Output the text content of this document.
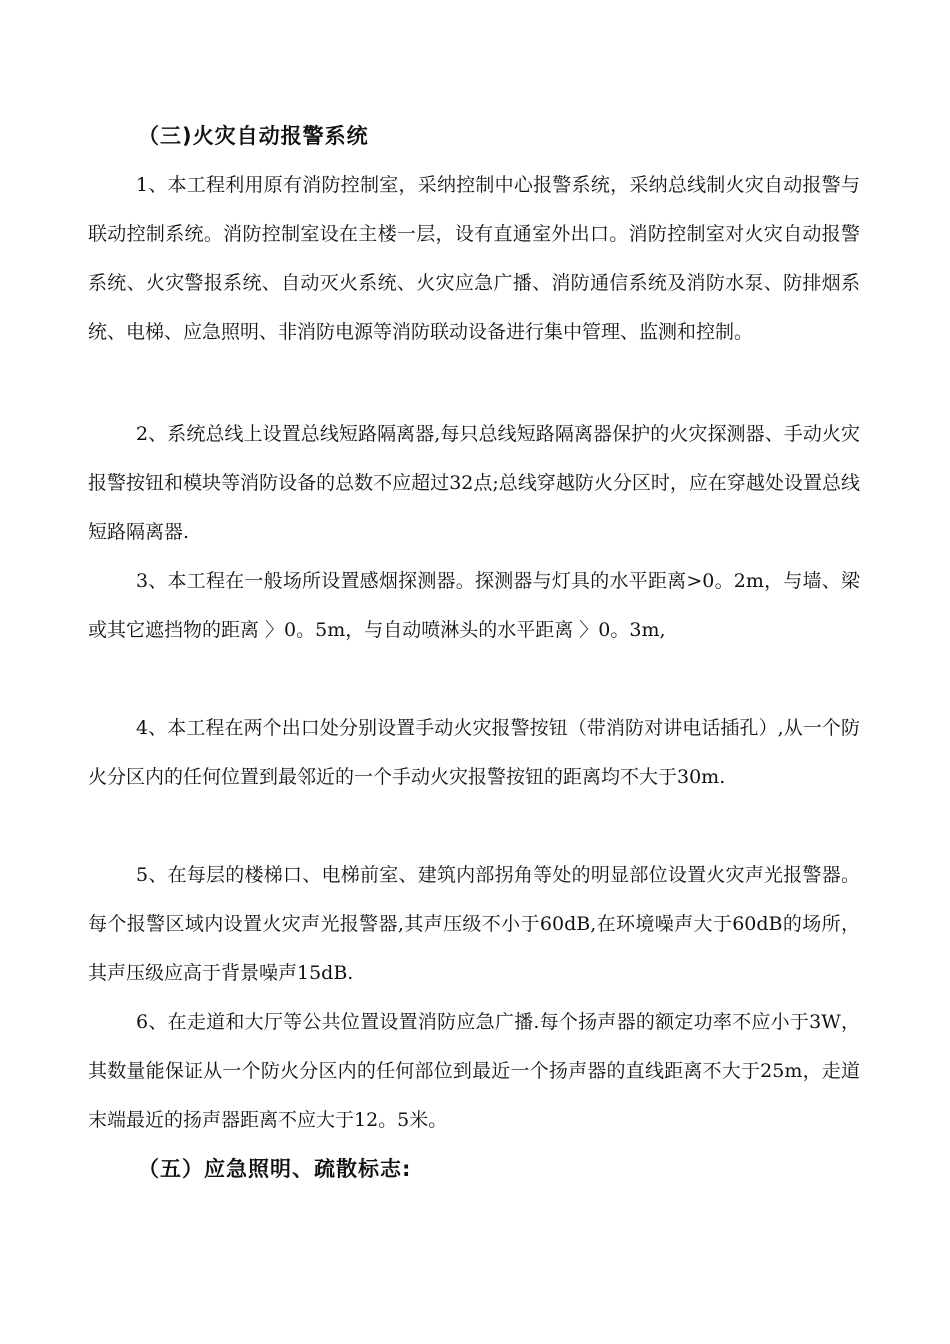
（三)火灾自动报警系统

1、本工程利用原有消防控制室，采纳控制中心报警系统，采纳总线制火灾自动报警与联动控制系统。消防控制室设在主楼一层，设有直通室外出口。消防控制室对火灾自动报警系统、火灾警报系统、自动灭火系统、火灾应急广播、消防通信系统及消防水泵、防排烟系统、电梯、应急照明、非消防电源等消防联动设备进行集中管理、监测和控制。

2、系统总线上设置总线短路隔离器,每只总线短路隔离器保护的火灾探测器、手动火灾报警按钮和模块等消防设备的总数不应超过32点;总线穿越防火分区时，应在穿越处设置总线短路隔离器.

3、本工程在一般场所设置感烟探测器。探测器与灯具的水平距离>0。2m，与墙、梁或其它遮挡物的距离 〉0。5m，与自动喷淋头的水平距离 〉0。3m,

4、本工程在两个出口处分别设置手动火灾报警按钮（带消防对讲电话插孔）,从一个防火分区内的任何位置到最邻近的一个手动火灾报警按钮的距离均不大于30m.

5、在每层的楼梯口、电梯前室、建筑内部拐角等处的明显部位设置火灾声光报警器。每个报警区域内设置火灾声光报警器,其声压级不小于60dB,在环境噪声大于60dB的场所，其声压级应高于背景噪声15dB.

6、在走道和大厅等公共位置设置消防应急广播.每个扬声器的额定功率不应小于3W，其数量能保证从一个防火分区内的任何部位到最近一个扬声器的直线距离不大于25m，走道末端最近的扬声器距离不应大于12。5米。

（五）应急照明、疏散标志:
